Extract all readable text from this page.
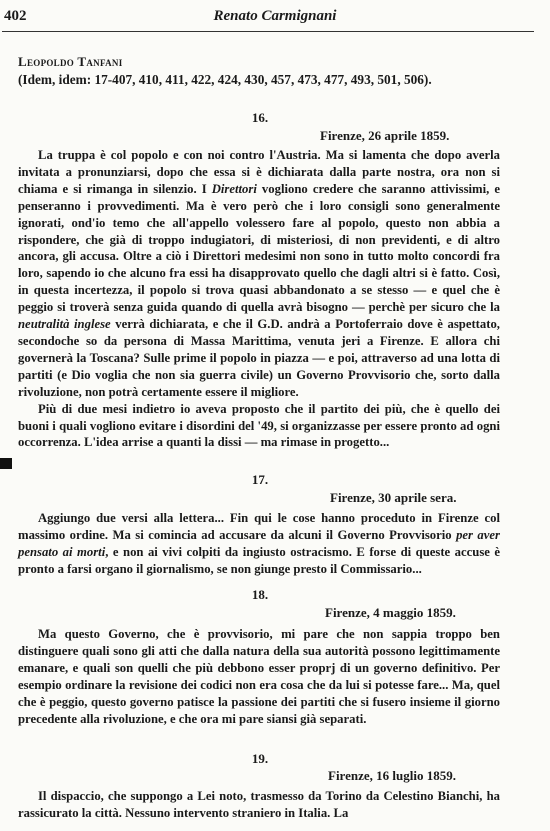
402	Renato Carmignani
Leopoldo Tanfani
(Idem, idem: 17-407, 410, 411, 422, 424, 430, 457, 473, 477, 493, 501, 506).
16.
Firenze, 26 aprile 1859.

La truppa è col popolo e con noi contro l'Austria. Ma si lamenta che dopo averla invitata a pronunziarsi, dopo che essa si è dichiarata dalla parte nostra, ora non si chiama e si rimanga in silenzio. I Direttori vogliono credere che saranno attivissimi, e penseranno i provvedimenti. Ma è vero però che i loro consigli sono generalmente ignorati, ond'io temo che all'appello volessero fare al popolo, questo non abbia a rispondere, che già di troppo indugiatori, di misteriosi, di non previdenti, e di altro ancora, gli accusa. Oltre a ciò i Direttori medesimi non sono in tutto molto concordi fra loro, sapendo io che alcuno fra essi ha disapprovato quello che dagli altri si è fatto. Così, in questa incertezza, il popolo si trova quasi abbandonato a se stesso — e quel che è peggio si troverà senza guida quando di quella avrà bisogno — perchè per sicuro che la neutralità inglese verrà dichiarata, e che il G.D. andrà a Portoferraio dove è aspettato, secondoche so da persona di Massa Marittima, venuta jeri a Firenze. E allora chi governerà la Toscana? Sulle prime il popolo in piazza — e poi, attraverso ad una lotta di partiti (e Dio voglia che non sia guerra civile) un Governo Provvisorio che, sorto dalla rivoluzione, non potrà certamente essere il migliore.

Più di due mesi indietro io aveva proposto che il partito dei più, che è quello dei buoni i quali vogliono evitare i disordini del '49, si organizzasse per essere pronto ad ogni occorrenza. L'idea arrise a quanti la dissi — ma rimase in progetto...

17.
Firenze, 30 aprile sera.

Aggiungo due versi alla lettera... Fin qui le cose hanno proceduto in Firenze col massimo ordine. Ma si comincia ad accusare da alcuni il Governo Provvisorio per aver pensato ai morti, e non ai vivi colpiti da ingiusto ostracismo. E forse di queste accuse è pronto a farsi organo il giornalismo, se non giunge presto il Commissario...

18.
Firenze, 4 maggio 1859.

Ma questo Governo, che è provvisorio, mi pare che non sappia troppo ben distinguere quali sono gli atti che dalla natura della sua autorità possono legittimamente emanare, e quali son quelli che più debbono esser proprj di un governo definitivo. Per esempio ordinare la revisione dei codici non era cosa che da lui si potesse fare... Ma, quel che è peggio, questo governo patisce la passione dei partiti che si fusero insieme il giorno precedente alla rivoluzione, e che ora mi pare siansi già separati.

19.
Firenze, 16 luglio 1859.

Il dispaccio, che suppongo a Lei noto, trasmesso da Torino da Celestino Bianchi, ha rassicurato la città. Nessuno intervento straniero in Italia. La
